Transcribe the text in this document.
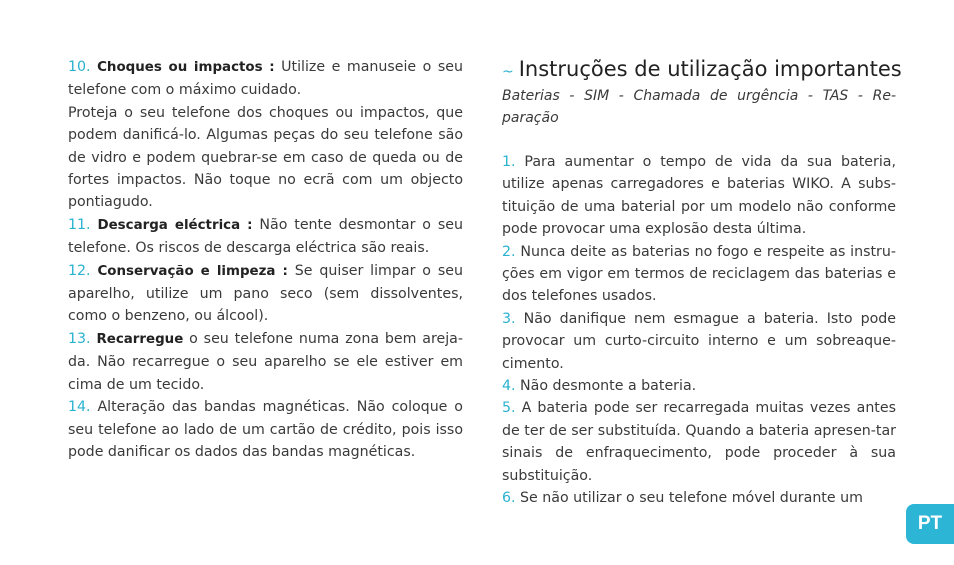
10. Choques ou impactos : Utilize e manuseie o seu telefone com o máximo cuidado.

Proteja o seu telefone dos choques ou impactos, que podem danificá-lo. Algumas peças do seu telefone são de vidro e podem quebrar-se em caso de queda ou de fortes impactos. Não toque no ecrã com um objecto pontiagudo.

11. Descarga eléctrica : Não tente desmontar o seu telefone. Os riscos de descarga eléctrica são reais.

12. Conservação e limpeza : Se quiser limpar o seu aparelho, utilize um pano seco (sem dissolventes, como o benzeno, ou álcool).

13. Recarregue o seu telefone numa zona bem areja-da. Não recarregue o seu aparelho se ele estiver em cima de um tecido.

14. Alteração das bandas magnéticas. Não coloque o seu telefone ao lado de um cartão de crédito, pois isso pode danificar os dados das bandas magnéticas.

~ Instruções de utilização importantes

Baterias - SIM - Chamada de urgência - TAS - Re-paração

1. Para aumentar o tempo de vida da sua bateria, utilize apenas carregadores e baterias WIKO. A subs-tituição de uma baterial por um modelo não conforme pode provocar uma explosão desta última.

2. Nunca deite as baterias no fogo e respeite as instru-ções em vigor em termos de reciclagem das baterias e dos telefones usados.

3. Não danifique nem esmague a bateria. Isto pode provocar um curto-circuito interno e um sobreaque-cimento.

4. Não desmonte a bateria.

5. A bateria pode ser recarregada muitas vezes antes de ter de ser substituída. Quando a bateria apresen-tar sinais de enfraquecimento, pode proceder à sua substituição.

6. Se não utilizar o seu telefone móvel durante um

PT
